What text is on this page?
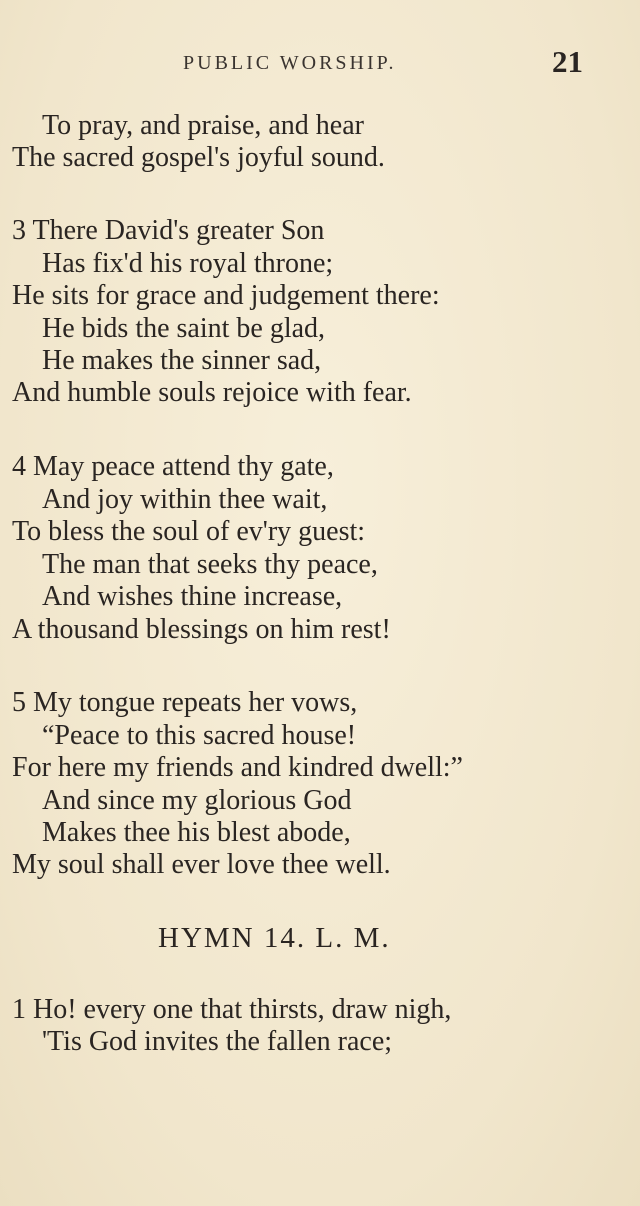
PUBLIC WORSHIP.	21
To pray, and praise, and hear
The sacred gospel's joyful sound.
3 There David's greater Son
Has fix'd his royal throne;
He sits for grace and judgement there:
He bids the saint be glad,
He makes the sinner sad,
And humble souls rejoice with fear.
4 May peace attend thy gate,
And joy within thee wait,
To bless the soul of ev'ry guest:
The man that seeks thy peace,
And wishes thine increase,
A thousand blessings on him rest!
5 My tongue repeats her vows,
“Peace to this sacred house!
For here my friends and kindred dwell:”
And since my glorious God
Makes thee his blest abode,
My soul shall ever love thee well.
HYMN 14. L. M.
1 Ho! every one that thirsts, draw nigh,
'Tis God invites the fallen race;
